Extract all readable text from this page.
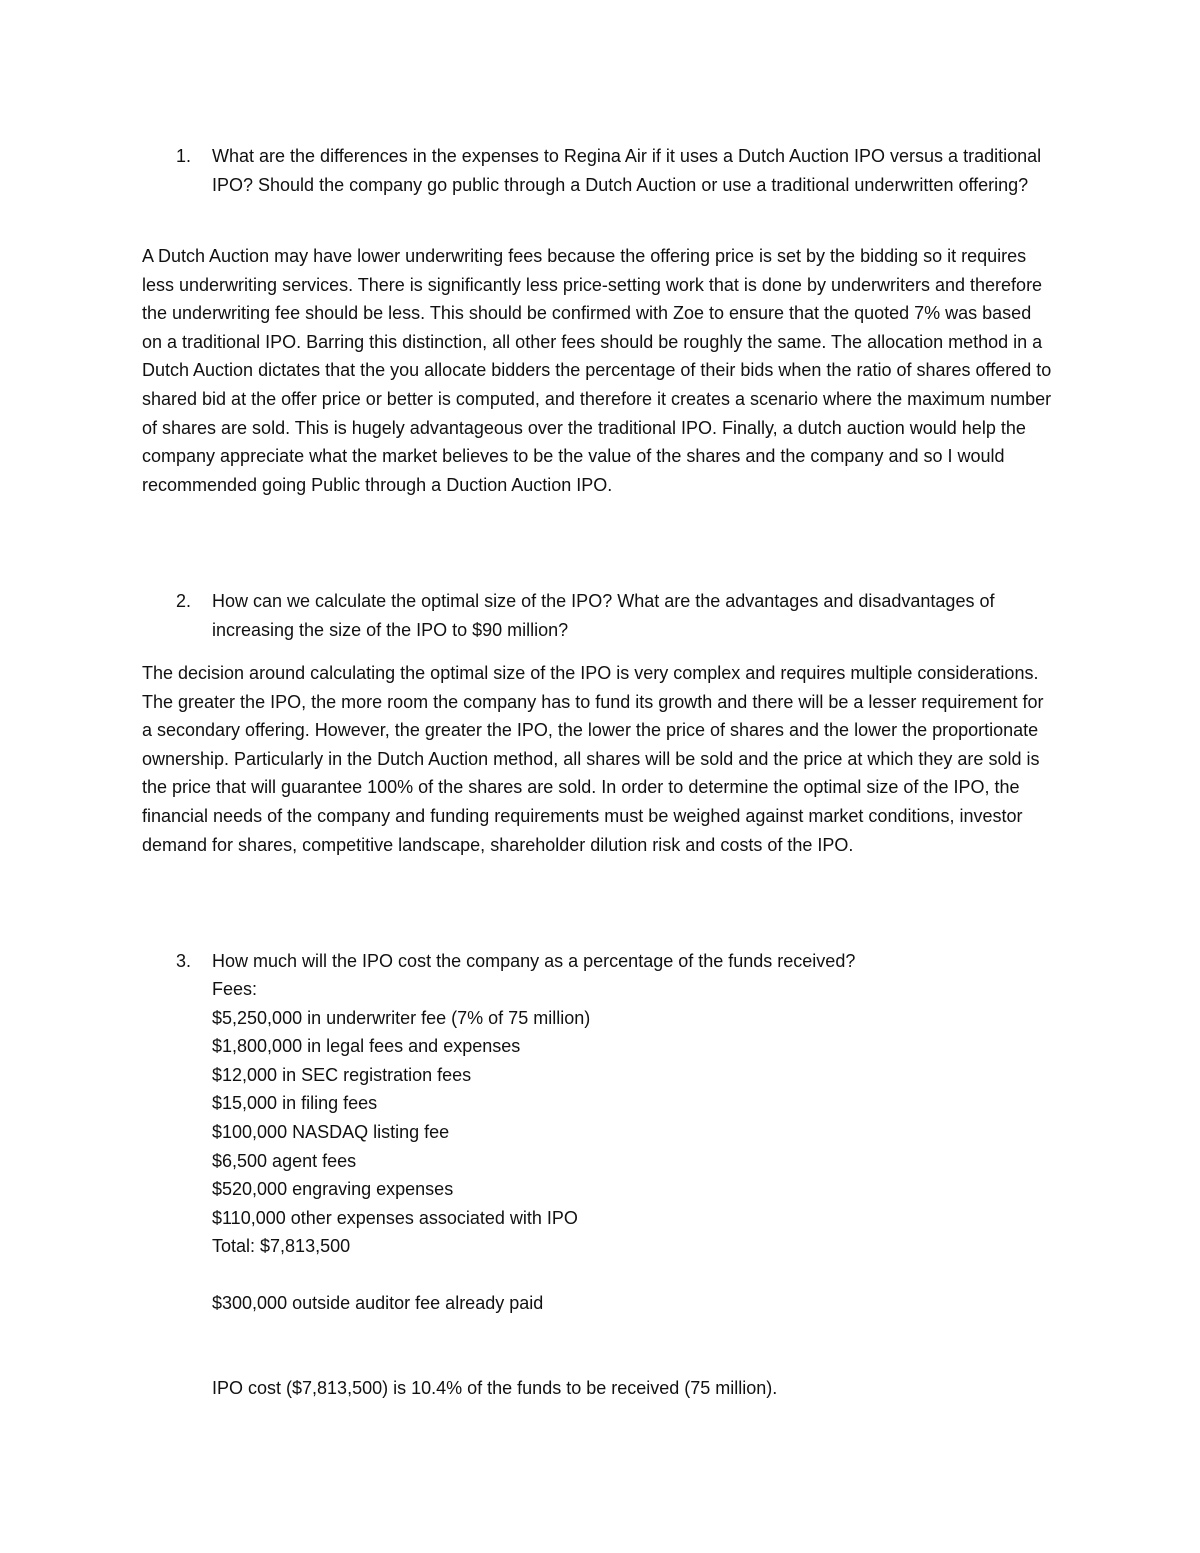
1. What are the differences in the expenses to Regina Air if it uses a Dutch Auction IPO versus a traditional IPO? Should the company go public through a Dutch Auction or use a traditional underwritten offering?
A Dutch Auction may have lower underwriting fees because the offering price is set by the bidding so it requires less underwriting services. There is significantly less price-setting work that is done by underwriters and therefore the underwriting fee should be less. This should be confirmed with Zoe to ensure that the quoted 7% was based on a traditional IPO. Barring this distinction, all other fees should be roughly the same. The allocation method in a Dutch Auction dictates that the you allocate bidders the percentage of their bids when the ratio of shares offered to shared bid at the offer price or better is computed, and therefore it creates a scenario where the maximum number of shares are sold. This is hugely advantageous over the traditional IPO. Finally, a dutch auction would help the company appreciate what the market believes to be the value of the shares and the company and so I would recommended going Public through a Duction Auction IPO.
2. How can we calculate the optimal size of the IPO? What are the advantages and disadvantages of increasing the size of the IPO to $90 million?
The decision around calculating the optimal size of the IPO is very complex and requires multiple considerations. The greater the IPO, the more room the company has to fund its growth and there will be a lesser requirement for a secondary offering. However, the greater the IPO, the lower the price of shares and the lower the proportionate ownership. Particularly in the Dutch Auction method, all shares will be sold and the price at which they are sold is the price that will guarantee 100% of the shares are sold. In order to determine the optimal size of the IPO, the financial needs of the company and funding requirements must be weighed against market conditions, investor demand for shares, competitive landscape, shareholder dilution risk and costs of the IPO.
3. How much will the IPO cost the company as a percentage of the funds received?
Fees:
$5,250,000 in underwriter fee (7% of 75 million)
$1,800,000 in legal fees and expenses
$12,000 in SEC registration fees
$15,000 in filing fees
$100,000 NASDAQ listing fee
$6,500 agent fees
$520,000 engraving expenses
$110,000 other expenses associated with IPO
Total: $7,813,500
$300,000 outside auditor fee already paid
IPO cost ($7,813,500) is 10.4% of the funds to be received (75 million).
